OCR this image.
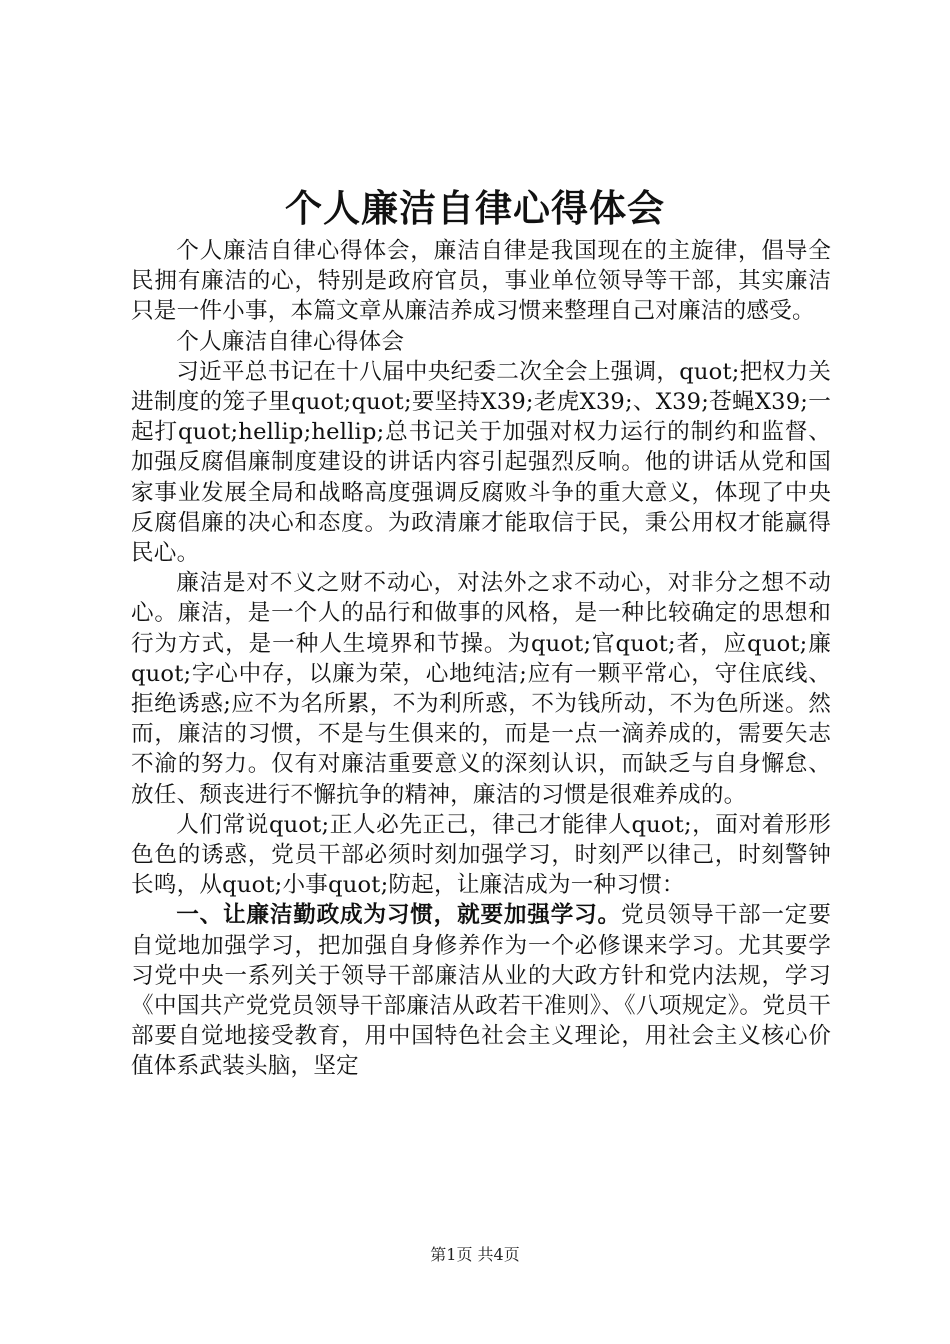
个人廉洁自律心得体会

个人廉洁自律心得体会，廉洁自律是我国现在的主旋律，倡导全民拥有廉洁的心，特别是政府官员，事业单位领导等干部，其实廉洁只是一件小事，本篇文章从廉洁养成习惯来整理自己对廉洁的感受。

个人廉洁自律心得体会

习近平总书记在十八届中央纪委二次全会上强调，quot;把权力关进制度的笼子里quot;quot;要坚持X39;老虎X39;、X39;苍蝇X39;一起打quot;hellip;hellip;总书记关于加强对权力运行的制约和监督、加强反腐倡廉制度建设的讲话内容引起强烈反响。他的讲话从党和国家事业发展全局和战略高度强调反腐败斗争的重大意义，体现了中央反腐倡廉的决心和态度。为政清廉才能取信于民，秉公用权才能赢得民心。

廉洁是对不义之财不动心，对法外之求不动心，对非分之想不动心。廉洁，是一个人的品行和做事的风格，是一种比较确定的思想和行为方式，是一种人生境界和节操。为quot;官quot;者，应quot;廉quot;字心中存，以廉为荣，心地纯洁;应有一颗平常心，守住底线、拒绝诱惑;应不为名所累，不为利所惑，不为钱所动，不为色所迷。然而，廉洁的习惯，不是与生俱来的，而是一点一滴养成的，需要矢志不渝的努力。仅有对廉洁重要意义的深刻认识，而缺乏与自身懈怠、放任、颓丧进行不懈抗争的精神，廉洁的习惯是很难养成的。

人们常说quot;正人必先正己，律己才能律人quot;，面对着形形色色的诱惑，党员干部必须时刻加强学习，时刻严以律己，时刻警钟长鸣，从quot;小事quot;防起，让廉洁成为一种习惯：

一、让廉洁勤政成为习惯，就要加强学习。党员领导干部一定要自觉地加强学习，把加强自身修养作为一个必修课来学习。尤其要学习党中央一系列关于领导干部廉洁从业的大政方针和党内法规，学习《中国共产党党员领导干部廉洁从政若干准则》、《八项规定》。党员干部要自觉地接受教育，用中国特色社会主义理论，用社会主义核心价值体系武装头脑，坚定

第1页 共4页
